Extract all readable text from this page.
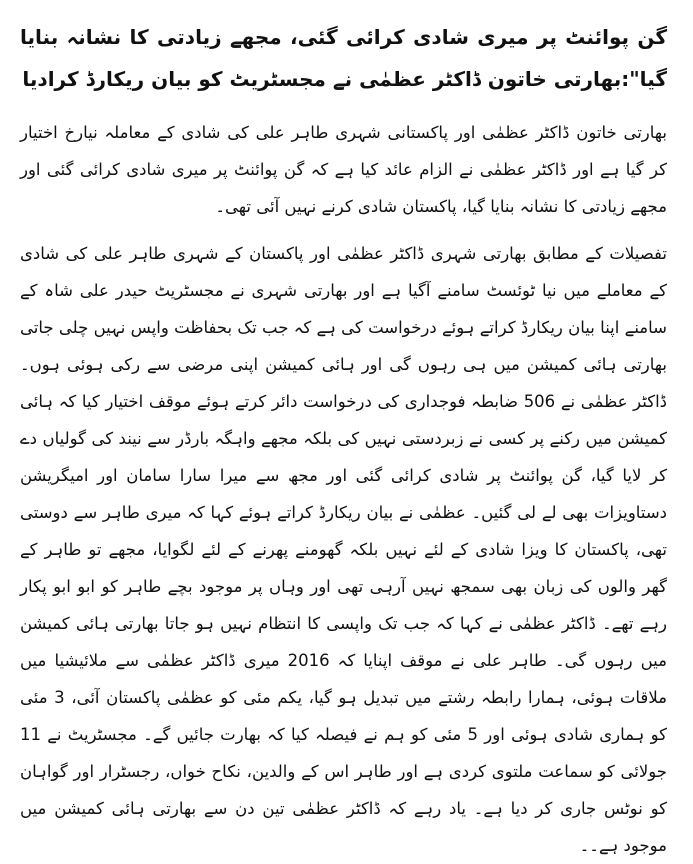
گن پوائنٹ پر میری شادی کرائی گئی، مجھے زیادتی کا نشانہ بنایا گیا":بھارتی خاتون ڈاکٹر عظمٰی نے مجسٹریٹ کو بیان ریکارڈ کرادیا

بھارتی خاتون ڈاکٹر عظمٰی اور پاکستانی شہری طاہر علی کی شادی کے معاملہ نیارخ اختیار کر گیا ہے اور ڈاکٹر عظمٰی نے الزام عائد کیا ہے کہ گن پوائنٹ پر میری شادی کرائی گئی اور مجھے زیادتی کا نشانہ بنایا گیا، پاکستان شادی کرنے نہیں آئی تھی۔

تفصیلات کے مطابق بھارتی شہری ڈاکٹر عظمٰی اور پاکستان کے شہری طاہر علی کی شادی کے معاملے میں نیا ٹوئسٹ سامنے آگیا ہے اور بھارتی شہری نے مجسٹریٹ حیدر علی شاہ کے سامنے اپنا بیان ریکارڈ کراتے ہوئے درخواست کی ہے کہ جب تک بحفاظت واپس نہیں چلی جاتی بھارتی ہائی کمیشن میں ہی رہوں گی اور ہائی کمیشن اپنی مرضی سے رکی ہوئی ہوں۔ ڈاکٹر عظمٰی نے 506 ضابطہ فوجداری کی درخواست دائر کرتے ہوئے موقف اختیار کیا کہ ہائی کمیشن میں رکنے پر کسی نے زبردستی نہیں کی بلکہ مجھے واہگہ بارڈر سے نیند کی گولیاں دے کر لایا گیا، گن پوائنٹ پر شادی کرائی گئی اور مجھ سے میرا سارا سامان اور امیگریشن دستاویزات بھی لے لی گئیں۔ عظمٰی نے بیان ریکارڈ کراتے ہوئے کہا کہ میری طاہر سے دوستی تھی، پاکستان کا ویزا شادی کے لئے نہیں بلکہ گھومنے پھرنے کے لئے لگوایا، مجھے تو طاہر کے گھر والوں کی زبان بھی سمجھ نہیں آرہی تھی اور وہاں پر موجود بچے طاہر کو ابو ابو پکار رہے تھے۔ ڈاکٹر عظمٰی نے کہا کہ جب تک واپسی کا انتظام نہیں ہو جاتا بھارتی ہائی کمیشن میں رہوں گی۔ طاہر علی نے موقف اپنایا کہ 2016 میری ڈاکٹر عظمٰی سے ملائیشیا میں ملاقات ہوئی، ہمارا رابطہ رشتے میں تبدیل ہو گیا، یکم مئی کو عظمٰی پاکستان آئی، 3 مئی کو ہماری شادی ہوئی اور 5 مئی کو ہم نے فیصلہ کیا کہ بھارت جائیں گے۔ مجسٹریٹ نے 11 جولائی کو سماعت ملتوی کردی ہے اور طاہر اس کے والدین، نکاح خواں، رجسٹرار اور گواہان کو نوٹس جاری کر دیا ہے۔ یاد رہے کہ ڈاکٹر عظمٰی تین دن سے بھارتی ہائی کمیشن میں موجود ہے۔۔
